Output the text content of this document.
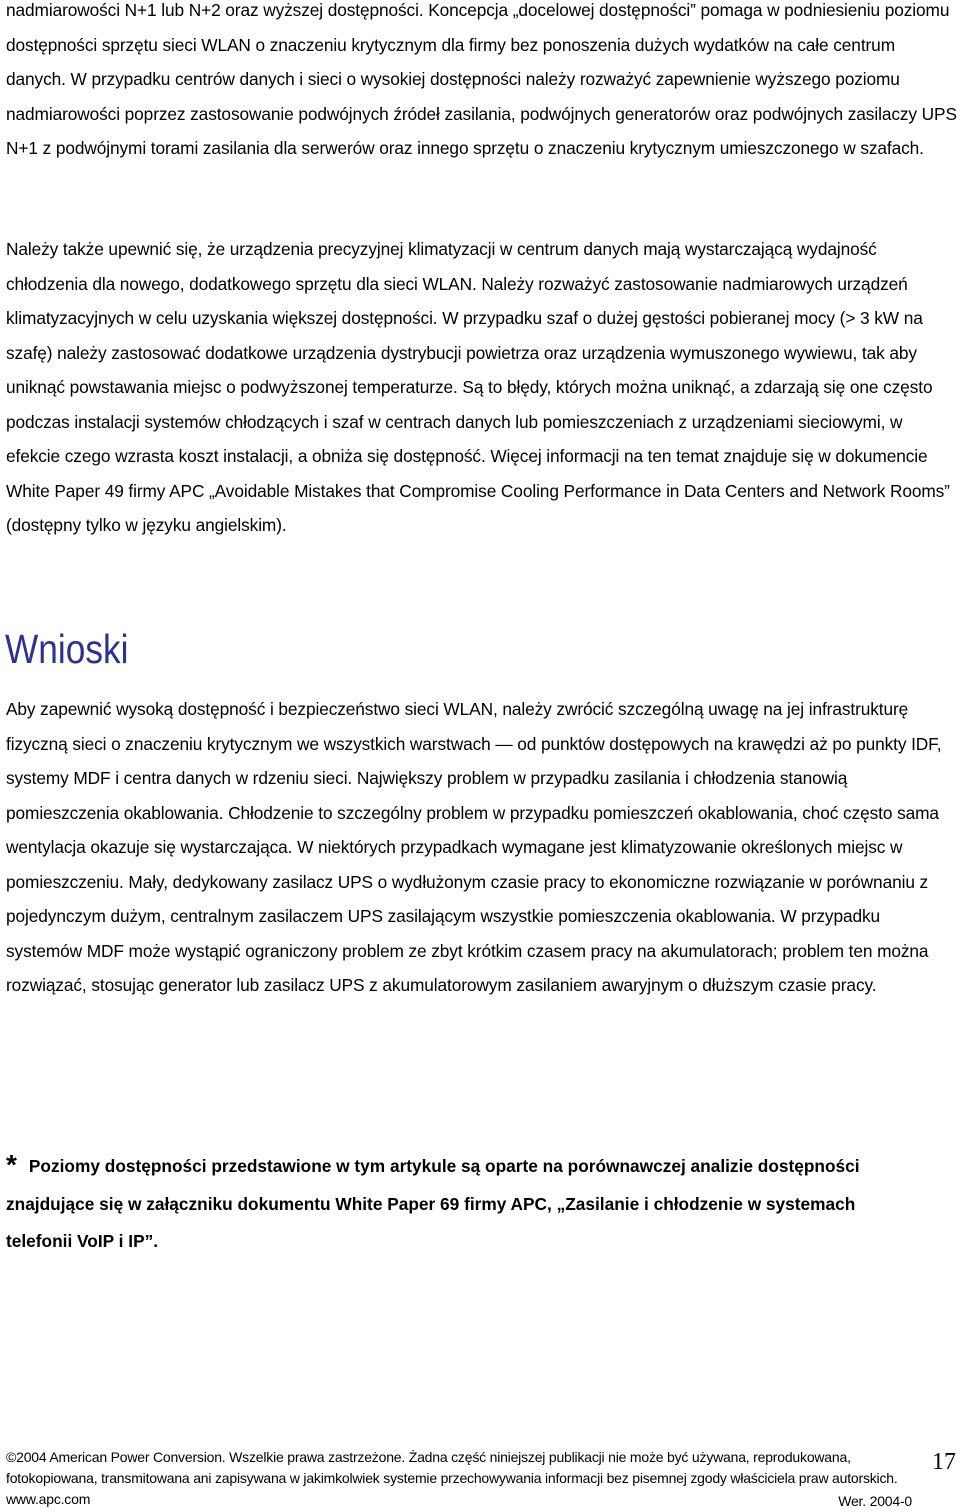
nadmiarowości N+1 lub N+2 oraz wyższej dostępności. Koncepcja „docelowej dostępności” pomaga w podniesieniu poziomu dostępności sprzętu sieci WLAN o znaczeniu krytycznym dla firmy bez ponoszenia dużych wydatków na całe centrum danych. W przypadku centrów danych i sieci o wysokiej dostępności należy rozważyć zapewnienie wyższego poziomu nadmiarowości poprzez zastosowanie podwójnych źródeł zasilania, podwójnych generatorów oraz podwójnych zasilaczy UPS N+1 z podwójnymi torami zasilania dla serwerów oraz innego sprzętu o znaczeniu krytycznym umieszczonego w szafach.

Należy także upewnić się, że urządzenia precyzyjnej klimatyzacji w centrum danych mają wystarczającą wydajność chłodzenia dla nowego, dodatkowego sprzętu dla sieci WLAN. Należy rozważyć zastosowanie nadmiarowych urządzeń klimatyzacyjnych w celu uzyskania większej dostępności. W przypadku szaf o dużej gęstości pobieranej mocy (> 3 kW na szafę) należy zastosować dodatkowe urządzenia dystrybucji powietrza oraz urządzenia wymuszonego wywiewu, tak aby uniknąć powstawania miejsc o podwyższonej temperaturze. Są to błędy, których można uniknąć, a zdarzają się one często podczas instalacji systemów chłodzących i szaf w centrach danych lub pomieszczeniach z urządzeniami sieciowymi, w efekcie czego wzrasta koszt instalacji, a obniża się dostępność. Więcej informacji na ten temat znajduje się w dokumencie White Paper 49 firmy APC „Avoidable Mistakes that Compromise Cooling Performance in Data Centers and Network Rooms” (dostępny tylko w języku angielskim).

Wnioski

Aby zapewnić wysoką dostępność i bezpieczeństwo sieci WLAN, należy zwrócić szczególną uwagę na jej infrastrukturę fizyczną sieci o znaczeniu krytycznym we wszystkich warstwach — od punktów dostępowych na krawędzi aż po punkty IDF, systemy MDF i centra danych w rdzeniu sieci. Największy problem w przypadku zasilania i chłodzenia stanowią pomieszczenia okablowania. Chłodzenie to szczególny problem w przypadku pomieszczeń okablowania, choć często sama wentylacja okazuje się wystarczająca. W niektórych przypadkach wymagane jest klimatyzowanie określonych miejsc w pomieszczeniu. Mały, dedykowany zasilacz UPS o wydłużonym czasie pracy to ekonomiczne rozwiązanie w porównaniu z pojedynczym dużym, centralnym zasilaczem UPS zasilającym wszystkie pomieszczenia okablowania. W przypadku systemów MDF może wystąpić ograniczony problem ze zbyt krótkim czasem pracy na akumulatorach; problem ten można rozwiązać, stosując generator lub zasilacz UPS z akumulatorowym zasilaniem awaryjnym o dłuższym czasie pracy.

* Poziomy dostępności przedstawione w tym artykule są oparte na porównawczej analizie dostępności znajdujące się w załączniku dokumentu White Paper 69 firmy APC, „Zasilanie i chłodzenie w systemach telefonii VoIP i IP”.

©2004 American Power Conversion. Wszelkie prawa zastrzeżone. Żadna część niniejszej publikacji nie może być używana, reprodukowana, fotokopiowana, transmitowana ani zapisywana w jakimkolwiek systemie przechowywania informacji bez pisemnej zgody właściciela praw autorskich. www.apc.com	Wer. 2004-0
17
